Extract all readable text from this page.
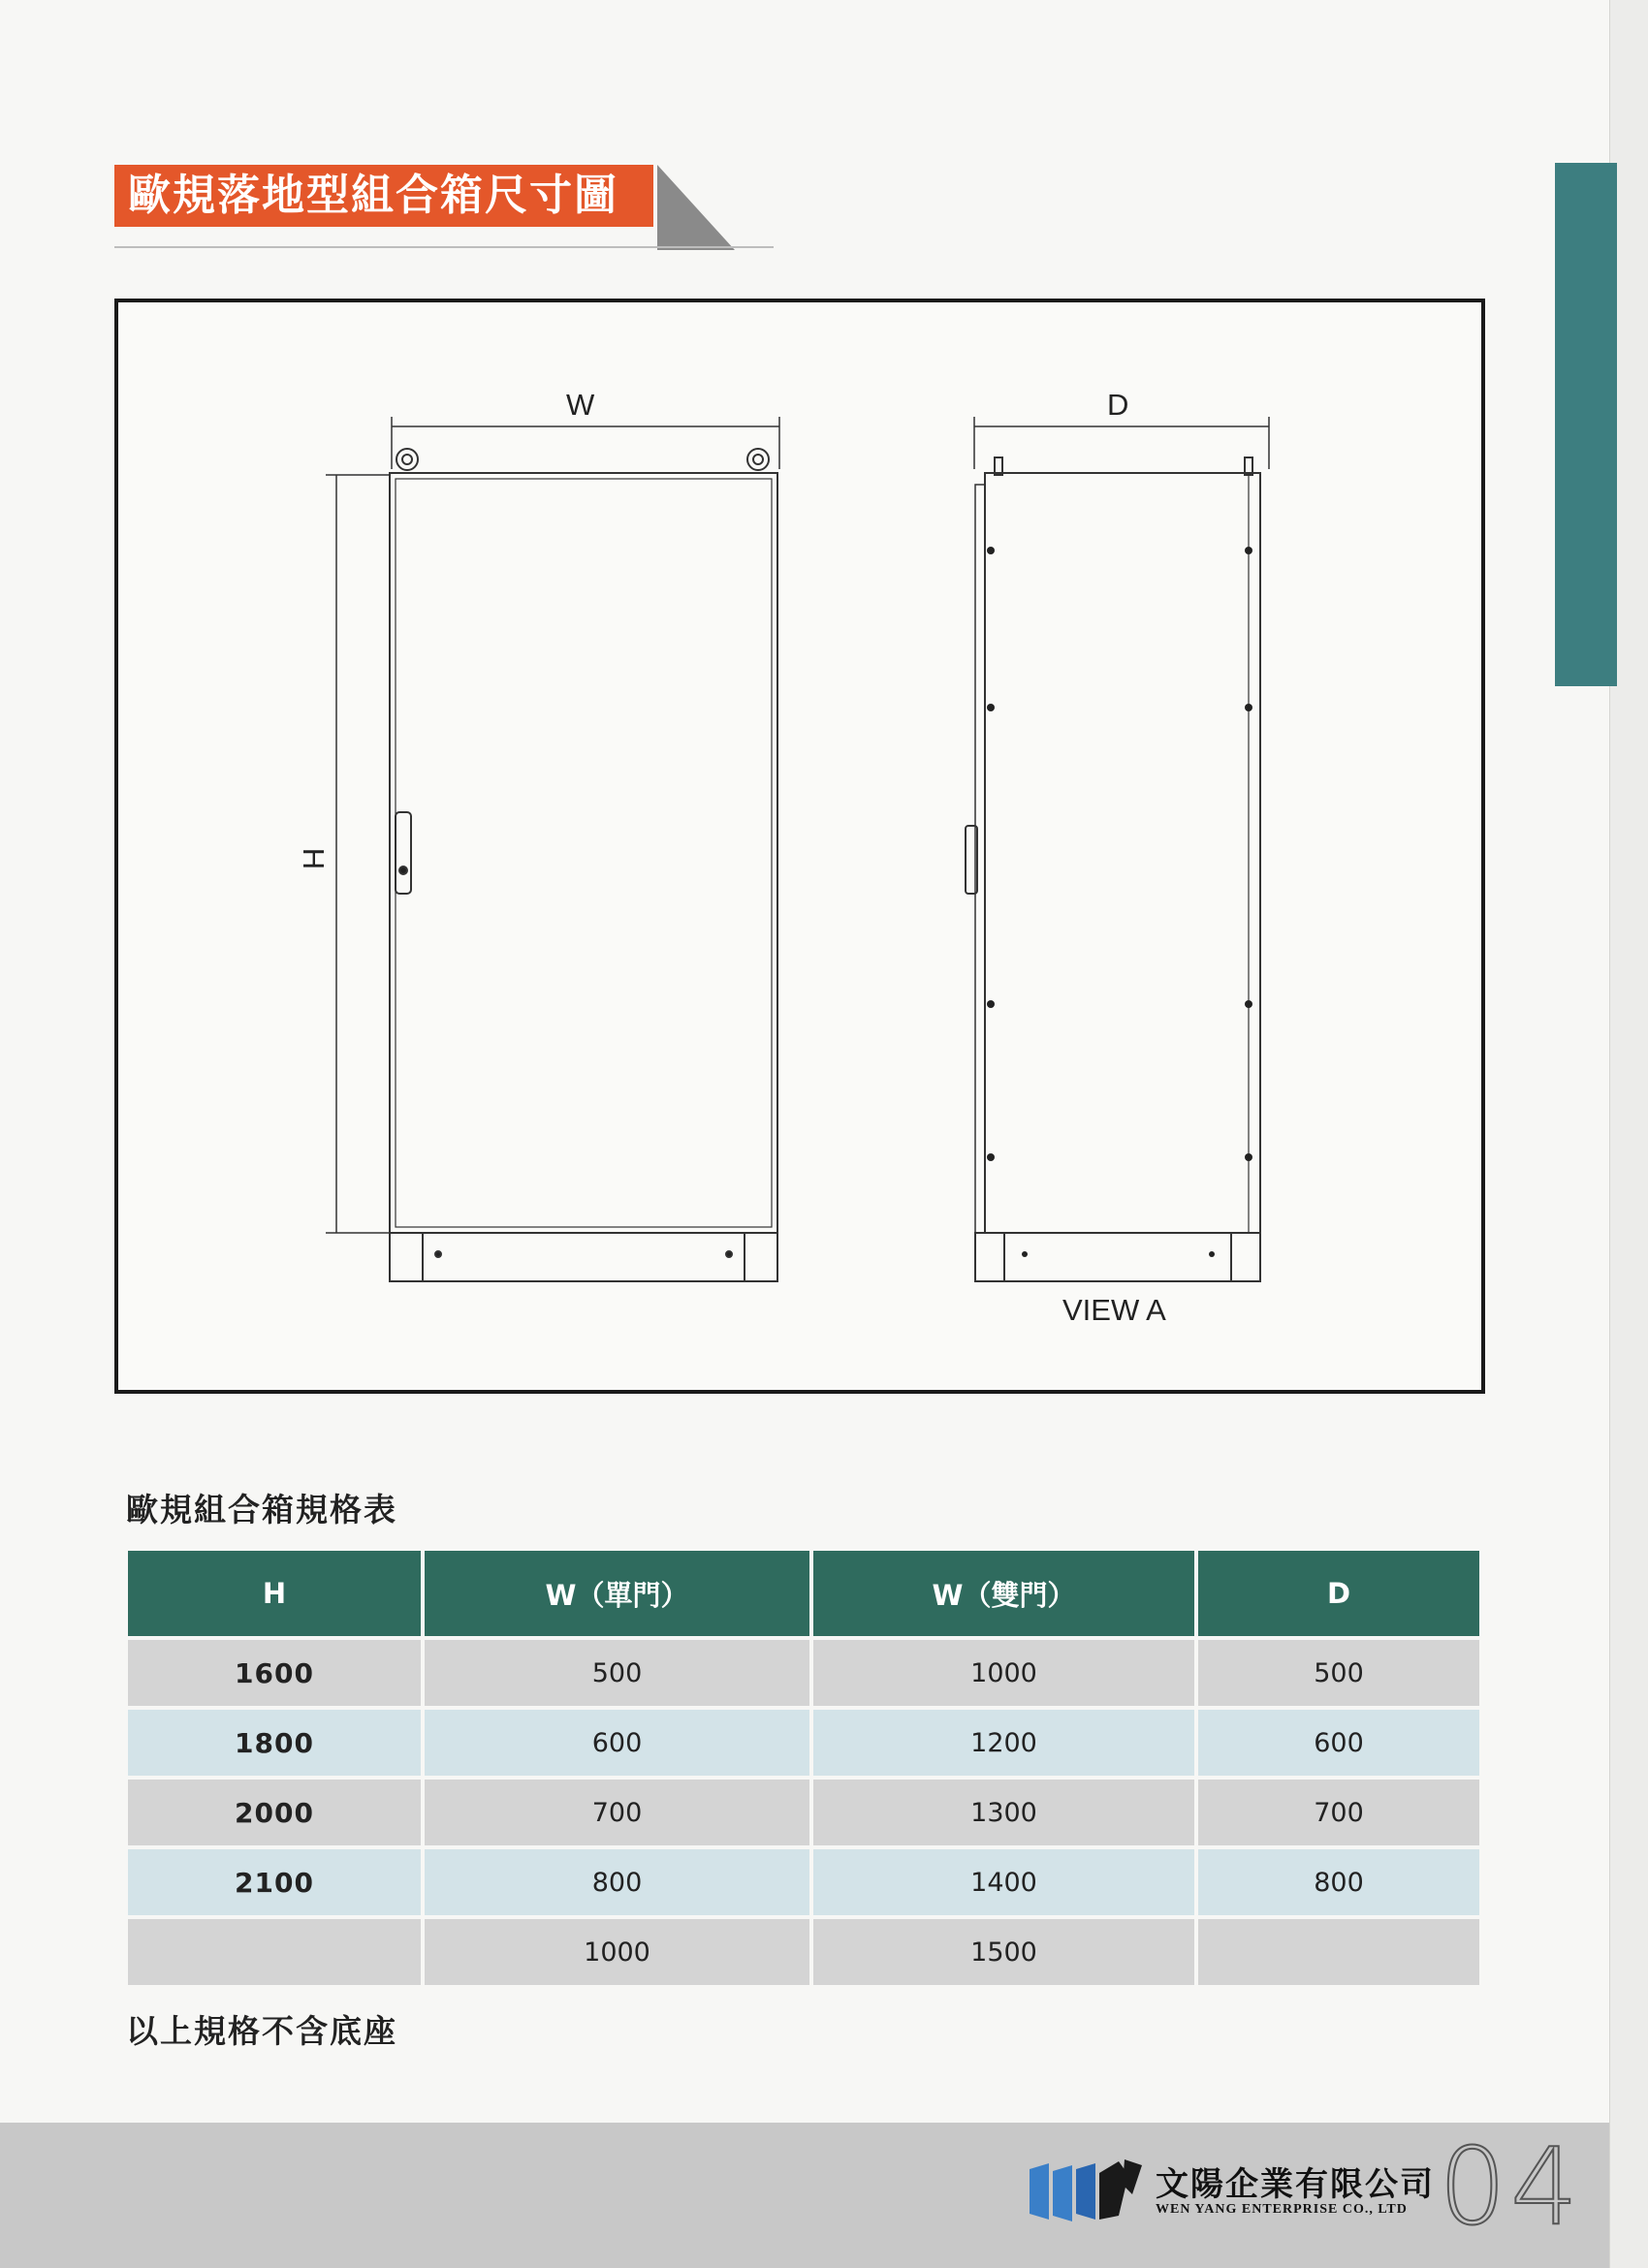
歐規落地型組合箱尺寸圖
W	D
H
VIEW A
歐規組合箱規格表
H	W（單門）	W（雙門）	D
1600	500	1000	500
1800	600	1200	600
2000	700	1300	700
2100	800	1400	800
	1000	1500	
以上規格不含底座
文陽企業有限公司
WEN YANG ENTERPRISE CO., LTD 04
